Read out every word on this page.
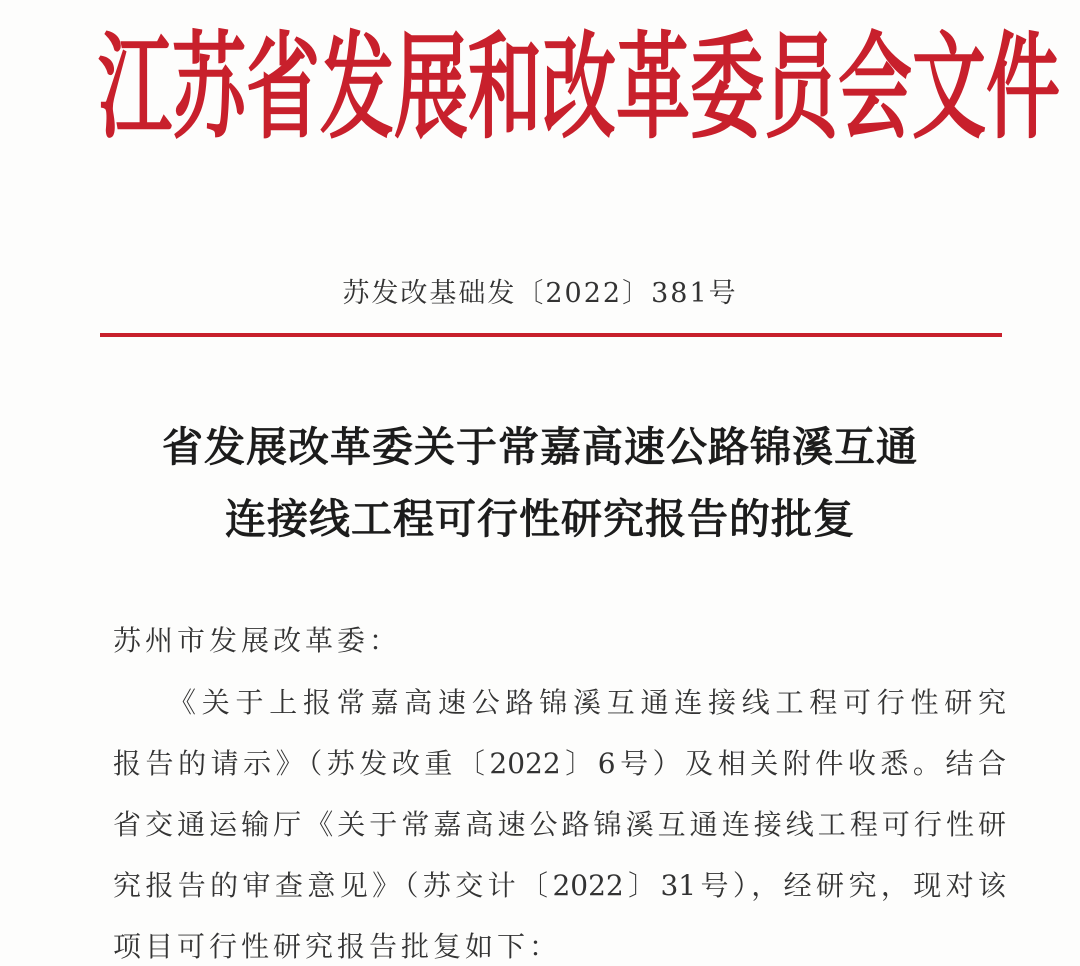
江 苏 省 发 展 和 改 革 委 员 会 文 件
苏发改基础发〔2022〕381号
省发展改革委关于常嘉高速公路锦溪互通
连接线工程可行性研究报告的批复
苏州市发展改革委：
《关于上报常嘉高速公路锦溪互通连接线工程可行性研究
报告的请示》（苏发改重〔2022〕6号）及相关附件收悉。结合
省交通运输厅《关于常嘉高速公路锦溪互通连接线工程可行性研
究报告的审查意见》（苏交计〔2022〕31号），经研究，现对该
项目可行性研究报告批复如下：
